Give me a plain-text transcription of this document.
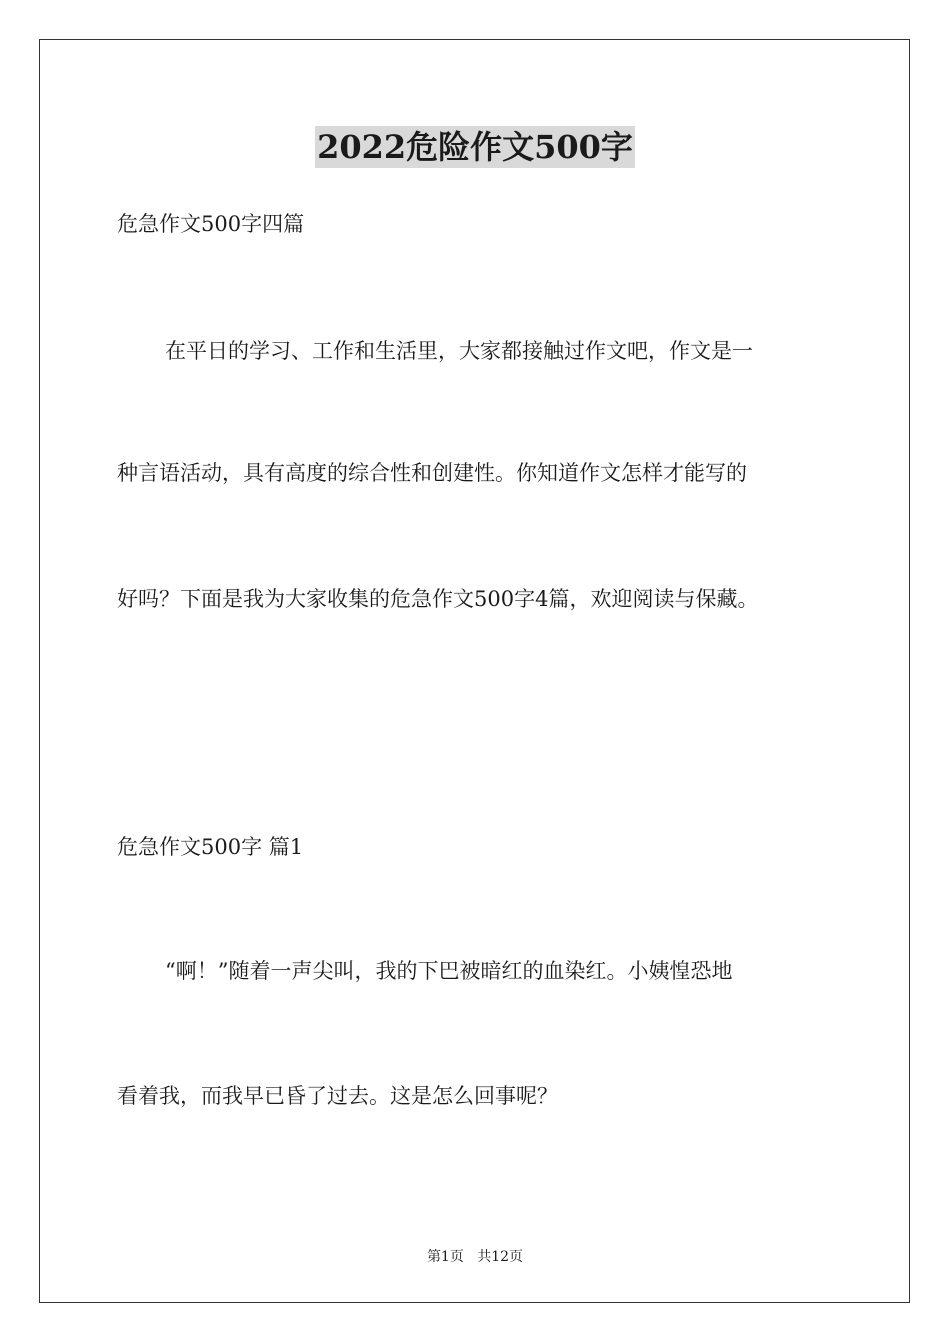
2022危险作文500字
危急作文500字四篇
在平日的学习、工作和生活里，大家都接触过作文吧，作文是一
种言语活动，具有高度的综合性和创建性。你知道作文怎样才能写的
好吗？下面是我为大家收集的危急作文500字4篇，欢迎阅读与保藏。
危急作文500字 篇1
“啊！”随着一声尖叫，我的下巴被暗红的血染红。小姨惶恐地
看着我，而我早已昏了过去。这是怎么回事呢？
第1页 共12页
